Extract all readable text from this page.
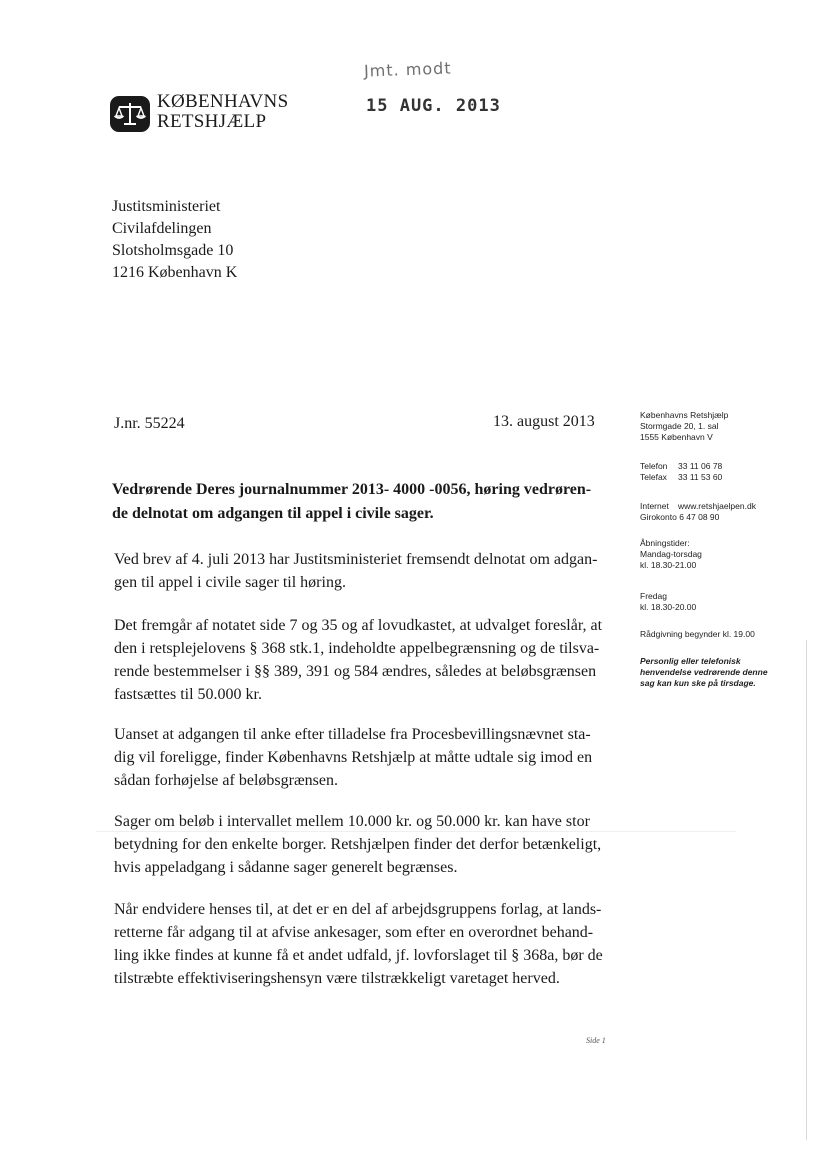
KØBENHAVNS
RETSHJÆLP
Jmt. modt
15 AUG. 2013
Justitsministeriet
Civilafdelingen
Slotsholmsgade 10
1216 København K
J.nr. 55224	13. august 2013
Vedrørende Deres journalnummer 2013- 4000 -0056, høring vedrøren-
de delnotat om adgangen til appel i civile sager.
Ved brev af 4. juli 2013 har Justitsministeriet fremsendt delnotat om adgan-
gen til appel i civile sager til høring.
Det fremgår af notatet side 7 og 35 og af lovudkastet, at udvalget foreslår, at
den i retsplejelovens § 368 stk.1, indeholdte appelbegrænsning og de tilsva-
rende bestemmelser i §§ 389, 391 og 584 ændres, således at beløbsgrænsen
fastsættes til 50.000 kr.
Uanset at adgangen til anke efter tilladelse fra Procesbevillingsnævnet sta-
dig vil foreligge, finder Københavns Retshjælp at måtte udtale sig imod en
sådan forhøjelse af beløbsgrænsen.
Sager om beløb i intervallet mellem 10.000 kr. og 50.000 kr. kan have stor
betydning for den enkelte borger. Retshjælpen finder det derfor betænkeligt,
hvis appeladgang i sådanne sager generelt begrænses.
Når endvidere henses til, at det er en del af arbejdsgruppens forlag, at lands-
retterne får adgang til at afvise ankesager, som efter en overordnet behand-
ling ikke findes at kunne få et andet udfald, jf. lovforslaget til § 368a, bør de
tilstræbte effektiviseringshensyn være tilstrækkeligt varetaget herved.
Københavns Retshjælp
Stormgade 20, 1. sal
1555 København V
Telefon 33 11 06 78
Telefax 33 11 53 60
Internet www.retshjaelpen.dk
Girokonto 6 47 08 90
Åbningstider:
Mandag-torsdag
kl. 18.30-21.00
Fredag
kl. 18.30-20.00
Rådgivning begynder kl. 19.00
Personlig eller telefonisk
henvendelse vedrørende denne
sag kan kun ske på tirsdage.
Side 1
